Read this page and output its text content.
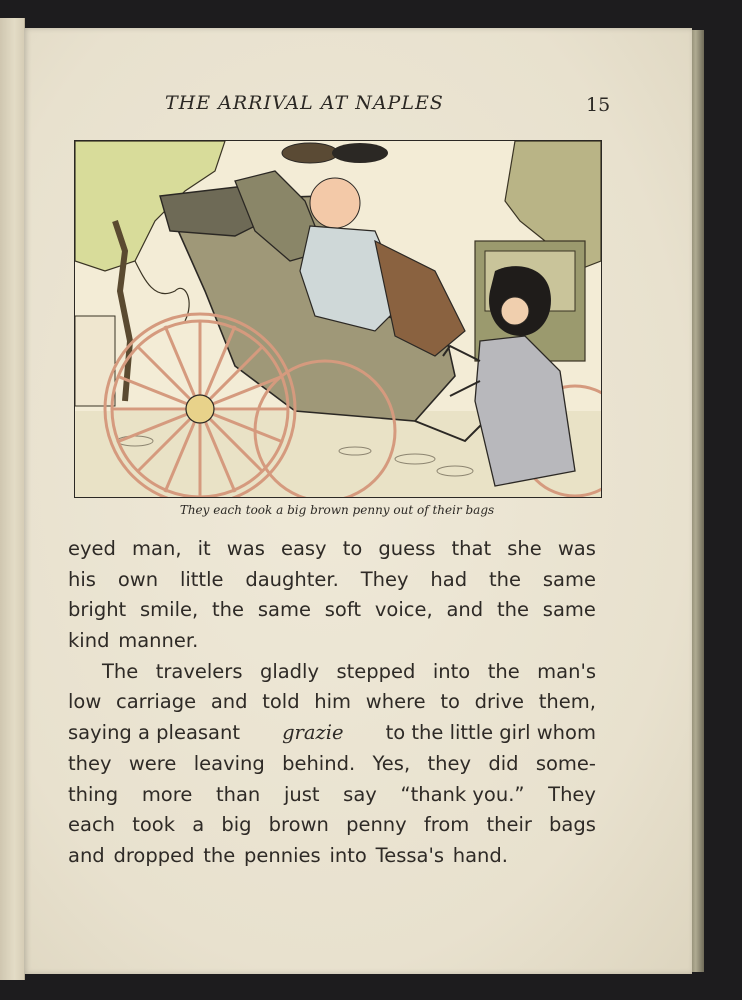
THE ARRIVAL AT NAPLES	15
They each took a big brown penny out of their bags
eyed man, it was easy to guess that she was
his own little daughter. They had the same
bright smile, the same soft voice, and the same
kind manner.
The travelers gladly stepped into the man's
low carriage and told him where to drive them,
saying a pleasant grazie to the little girl whom
they were leaving behind. Yes, they did some-
thing more than just say “thank you.” They
each took a big brown penny from their bags
and dropped the pennies into Tessa's hand.
